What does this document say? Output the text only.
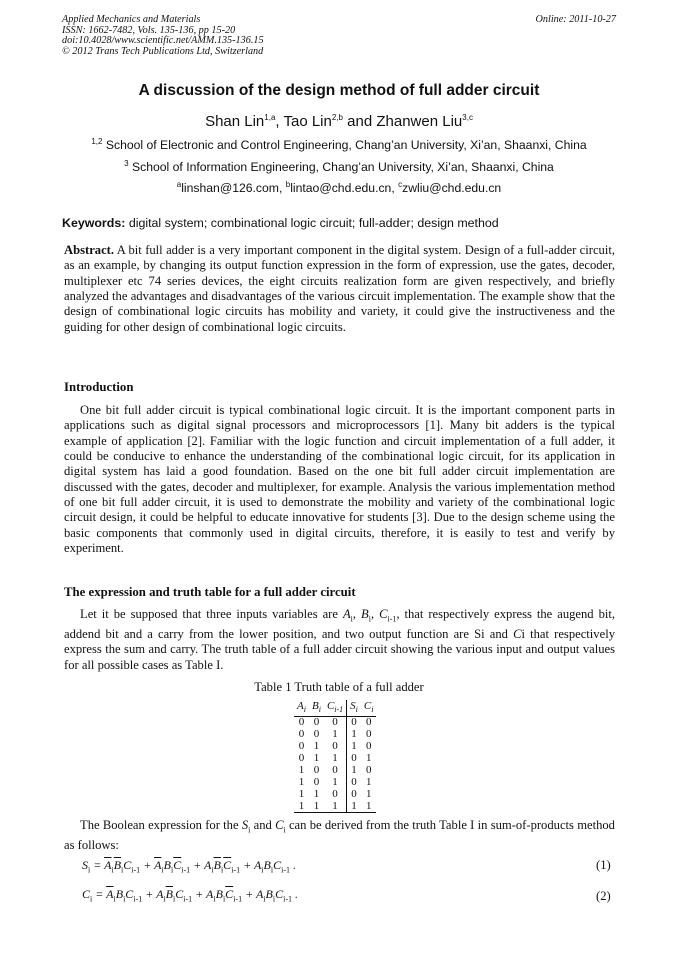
Applied Mechanics and Materials
ISSN: 1662-7482, Vols. 135-136, pp 15-20
doi:10.4028/www.scientific.net/AMM.135-136.15
© 2012 Trans Tech Publications Ltd, Switzerland
Online: 2011-10-27
A discussion of the design method of full adder circuit
Shan Lin$^{1,a}$, Tao Lin$^{2,b}$ and Zhanwen Liu$^{3,c}$
$^{1,2}$ School of Electronic and Control Engineering, Chang’an University, Xi’an, Shaanxi, China
$^3$ School of Information Engineering, Chang’an University, Xi’an, Shaanxi, China
$^a$linshan@126.com, $^b$lintao@chd.edu.cn, $^c$zwliu@chd.edu.cn
Keywords: digital system; combinational logic circuit; full-adder; design method
Abstract. A bit full adder is a very important component in the digital system. Design of a full-adder circuit, as an example, by changing its output function expression in the form of expression, use the gates, decoder, multiplexer etc 74 series devices, the eight circuits realization form are given respectively, and briefly analyzed the advantages and disadvantages of the various circuit implementation. The example show that the design of combinational logic circuits has mobility and variety, it could give the instructiveness and the guiding for other design of combinational logic circuits.
Introduction
One bit full adder circuit is typical combinational logic circuit. It is the important component parts in applications such as digital signal processors and microprocessors [1]. Many bit adders is the typical example of application [2]. Familiar with the logic function and circuit implementation of a full adder, it could be conducive to enhance the understanding of the combinational logic circuit, for its application in digital system has laid a good foundation. Based on the one bit full adder circuit implementation are discussed with the gates, decoder and multiplexer, for example. Analysis the various implementation method of one bit full adder circuit, it is used to demonstrate the mobility and variety of the combinational logic circuit design, it could be helpful to educate innovative for students [3]. Due to the design scheme using the basic components that commonly used in digital circuits, therefore, it is easily to test and verify by experiment.
The expression and truth table for a full adder circuit
Let it be supposed that three inputs variables are $A_i$, $B_i$, $C_{i-1}$, that respectively express the augend bit, addend bit and a carry from the lower position, and two output function are Si and Ci that respectively express the sum and carry. The truth table of a full adder circuit showing the various input and output values for all possible cases as Table I.
Table 1 Truth table of a full adder
$A_i$	$B_i$	$C_{i-1}$	$S_i$	$C_i$
0	0	0	0	0
0	0	1	1	0
0	1	0	1	0
0	1	1	0	1
1	0	0	1	0
1	0	1	0	1
1	1	0	0	1
1	1	1	1	1
The Boolean expression for the $S_i$ and $C_i$ can be derived from the truth Table I in sum-of-products method as follows:
$S_i = \overline{A}_i\overline{B}_iC_{i-1} + \overline{A}_iB_i\overline{C}_{i-1} + A_i\overline{B}_i\overline{C}_{i-1} + A_iB_iC_{i-1}$ .	(1)
$C_i = \overline{A}_iB_iC_{i-1} + A_i\overline{B}_iC_{i-1} + A_iB_i\overline{C}_{i-1} + A_iB_iC_{i-1}$ .	(2)
